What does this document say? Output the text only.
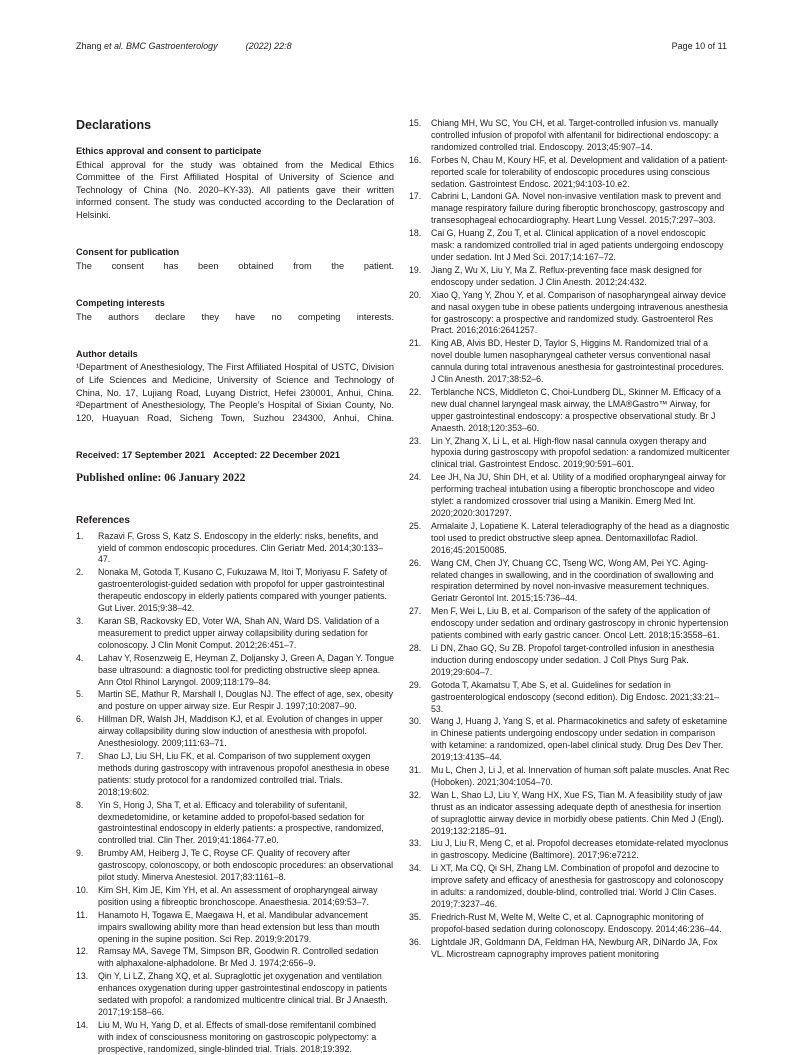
Zhang et al. BMC Gastroenterology	(2022) 22:8	Page 10 of 11
Declarations

Ethics approval and consent to participate

Ethical approval for the study was obtained from the Medical Ethics Committee of the First Affiliated Hospital of University of Science and Technology of China (No. 2020–KY-33). All patients gave their written informed consent. The study was conducted according to the Declaration of Helsinki.

Consent for publication

The consent has been obtained from the patient.

Competing interests

The authors declare they have no competing interests.

Author details

¹Department of Anesthesiology, The First Affiliated Hospital of USTC, Division of Life Sciences and Medicine, University of Science and Technology of China, No. 17, Lujiang Road, Luyang District, Hefei 230001, Anhui, China. ²Department of Anesthesiology, The People’s Hospital of Sixian County, No. 120, Huayuan Road, Sicheng Town, Suzhou 234300, Anhui, China.

Received: 17 September 2021   Accepted: 22 December 2021

Published online: 06 January 2022

References
1.	Razavi F, Gross S, Katz S. Endoscopy in the elderly: risks, benefits, and yield of common endoscopic procedures. Clin Geriatr Med. 2014;30:133–47.
2.	Nonaka M, Gotoda T, Kusano C, Fukuzawa M, Itoi T, Moriyasu F. Safety of gastroenterologist-guided sedation with propofol for upper gastrointestinal therapeutic endoscopy in elderly patients compared with younger patients. Gut Liver. 2015;9:38–42.
3.	Karan SB, Rackovsky ED, Voter WA, Shah AN, Ward DS. Validation of a measurement to predict upper airway collapsibility during sedation for colonoscopy. J Clin Monit Comput. 2012;26:451–7.
4.	Lahav Y, Rosenzweig E, Heyman Z, Doljansky J, Green A, Dagan Y. Tongue base ultrasound: a diagnostic tool for predicting obstructive sleep apnea. Ann Otol Rhinol Laryngol. 2009;118:179–84.
5.	Martin SE, Mathur R, Marshall I, Douglas NJ. The effect of age, sex, obesity and posture on upper airway size. Eur Respir J. 1997;10:2087–90.
6.	Hillman DR, Walsh JH, Maddison KJ, et al. Evolution of changes in upper airway collapsibility during slow induction of anesthesia with propofol. Anesthesiology. 2009;111:63–71.
7.	Shao LJ, Liu SH, Liu FK, et al. Comparison of two supplement oxygen methods during gastroscopy with intravenous propofol anesthesia in obese patients: study protocol for a randomized controlled trial. Trials. 2018;19:602.
8.	Yin S, Hong J, Sha T, et al. Efficacy and tolerability of sufentanil, dexmedetomidine, or ketamine added to propofol-based sedation for gastrointestinal endoscopy in elderly patients: a prospective, randomized, controlled trial. Clin Ther. 2019;41:1864-77.e0.
9.	Brumby AM, Heiberg J, Te C, Royse CF. Quality of recovery after gastroscopy, colonoscopy, or both endoscopic procedures: an observational pilot study. Minerva Anestesiol. 2017;83:1161–8.
10.	Kim SH, Kim JE, Kim YH, et al. An assessment of oropharyngeal airway position using a fibreoptic bronchoscope. Anaesthesia. 2014;69:53–7.
11.	Hanamoto H, Togawa E, Maegawa H, et al. Mandibular advancement impairs swallowing ability more than head extension but less than mouth opening in the supine position. Sci Rep. 2019;9:20179.
12.	Ramsay MA, Savege TM, Simpson BR, Goodwin R. Controlled sedation with alphaxalone-alphadolone. Br Med J. 1974;2:656–9.
13.	Qin Y, Li LZ, Zhang XQ, et al. Supraglottic jet oxygenation and ventilation enhances oxygenation during upper gastrointestinal endoscopy in patients sedated with propofol: a randomized multicentre clinical trial. Br J Anaesth. 2017;19:158–66.
14.	Liu M, Wu H, Yang D, et al. Effects of small-dose remifentanil combined with index of consciousness monitoring on gastroscopic polypectomy: a prospective, randomized, single-blinded trial. Trials. 2018;19:392.
15.	Chiang MH, Wu SC, You CH, et al. Target-controlled infusion vs. manually controlled infusion of propofol with alfentanil for bidirectional endoscopy: a randomized controlled trial. Endoscopy. 2013;45:907–14.
16.	Forbes N, Chau M, Koury HF, et al. Development and validation of a patient-reported scale for tolerability of endoscopic procedures using conscious sedation. Gastrointest Endosc. 2021;94:103-10.e2.
17.	Cabrini L, Landoni GA. Novel non-invasive ventilation mask to prevent and manage respiratory failure during fiberoptic bronchoscopy, gastroscopy and transesophageal echocardiography. Heart Lung Vessel. 2015;7:297–303.
18.	Cai G, Huang Z, Zou T, et al. Clinical application of a novel endoscopic mask: a randomized controlled trial in aged patients undergoing endoscopy under sedation. Int J Med Sci. 2017;14:167–72.
19.	Jiang Z, Wu X, Liu Y, Ma Z. Reflux-preventing face mask designed for endoscopy under sedation. J Clin Anesth. 2012;24:432.
20.	Xiao Q, Yang Y, Zhou Y, et al. Comparison of nasopharyngeal airway device and nasal oxygen tube in obese patients undergoing intravenous anesthesia for gastroscopy: a prospective and randomized study. Gastroenterol Res Pract. 2016;2016:2641257.
21.	King AB, Alvis BD, Hester D, Taylor S, Higgins M. Randomized trial of a novel double lumen nasopharyngeal catheter versus conventional nasal cannula during total intravenous anesthesia for gastrointestinal procedures. J Clin Anesth. 2017;38:52–6.
22.	Terblanche NCS, Middleton C, Choi-Lundberg DL, Skinner M. Efficacy of a new dual channel laryngeal mask airway, the LMA®Gastro™ Airway, for upper gastrointestinal endoscopy: a prospective observational study. Br J Anaesth. 2018;120:353–60.
23.	Lin Y, Zhang X, Li L, et al. High-flow nasal cannula oxygen therapy and hypoxia during gastroscopy with propofol sedation: a randomized multicenter clinical trial. Gastrointest Endosc. 2019;90:591–601.
24.	Lee JH, Na JU, Shin DH, et al. Utility of a modified oropharyngeal airway for performing tracheal intubation using a fiberoptic bronchoscope and video stylet: a randomized crossover trial using a Manikin. Emerg Med Int. 2020;2020:3017297.
25.	Armalaite J, Lopatiene K. Lateral teleradiography of the head as a diagnostic tool used to predict obstructive sleep apnea. Dentomaxillofac Radiol. 2016;45:20150085.
26.	Wang CM, Chen JY, Chuang CC, Tseng WC, Wong AM, Pei YC. Aging-related changes in swallowing, and in the coordination of swallowing and respiration determined by novel non-invasive measurement techniques. Geriatr Gerontol Int. 2015;15:736–44.
27.	Men F, Wei L, Liu B, et al. Comparison of the safety of the application of endoscopy under sedation and ordinary gastroscopy in chronic hypertension patients combined with early gastric cancer. Oncol Lett. 2018;15:3558–61.
28.	Li DN, Zhao GQ, Su ZB. Propofol target-controlled infusion in anesthesia induction during endoscopy under sedation. J Coll Phys Surg Pak. 2019;29:604–7.
29.	Gotoda T, Akamatsu T, Abe S, et al. Guidelines for sedation in gastroenterological endoscopy (second edition). Dig Endosc. 2021;33:21–53.
30.	Wang J, Huang J, Yang S, et al. Pharmacokinetics and safety of esketamine in Chinese patients undergoing endoscopy under sedation in comparison with ketamine: a randomized, open-label clinical study. Drug Des Dev Ther. 2019;13:4135–44.
31.	Mu L, Chen J, Li J, et al. Innervation of human soft palate muscles. Anat Rec (Hoboken). 2021;304:1054–70.
32.	Wan L, Shao LJ, Liu Y, Wang HX, Xue FS, Tian M. A feasibility study of jaw thrust as an indicator assessing adequate depth of anesthesia for insertion of supraglottic airway device in morbidly obese patients. Chin Med J (Engl). 2019;132:2185–91.
33.	Liu J, Liu R, Meng C, et al. Propofol decreases etomidate-related myoclonus in gastroscopy. Medicine (Baltimore). 2017;96:e7212.
34.	Li XT, Ma CQ, Qi SH, Zhang LM. Combination of propofol and dezocine to improve safety and efficacy of anesthesia for gastroscopy and colonoscopy in adults: a randomized, double-blind, controlled trial. World J Clin Cases. 2019;7:3237–46.
35.	Friedrich-Rust M, Welte M, Welte C, et al. Capnographic monitoring of propofol-based sedation during colonoscopy. Endoscopy. 2014;46:236–44.
36.	Lightdale JR, Goldmann DA, Feldman HA, Newburg AR, DiNardo JA, Fox VL. Microstream capnography improves patient monitoring
